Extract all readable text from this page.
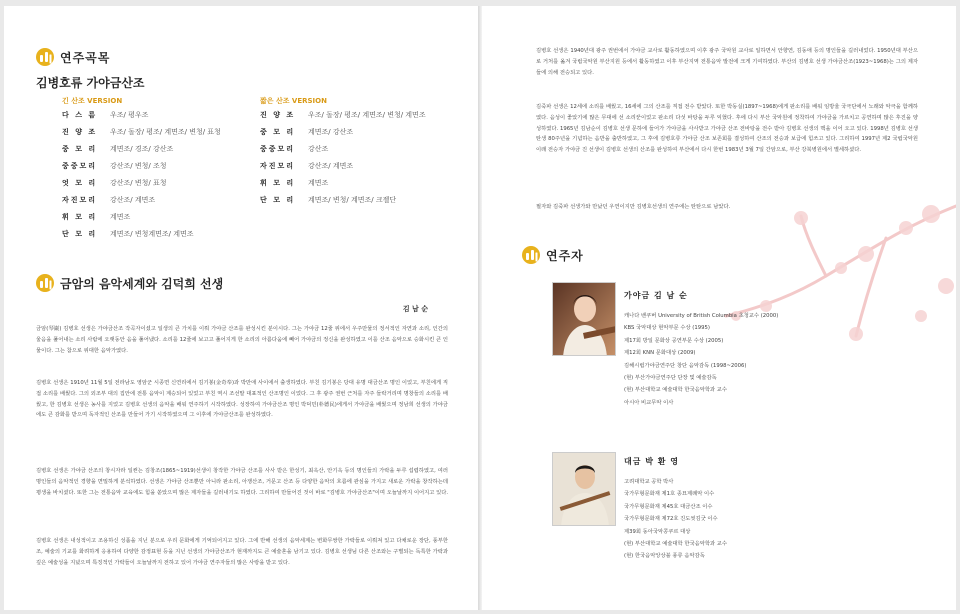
연주곡목
김병호류 가야금산조
긴 산조 VERSION
다 스 름	우조/ 평우조
진 양 조	우조/ 돌장/ 평조/ 계면조/ 변청/ 표청
중 모 리	계면조/ 경조/ 강산조
중중모리	강산조/ 변청/ 조청
엇 모 리	강산조/ 변청/ 표청
자진모리	강산조/ 계면조
휘 모 리	계면조
단 모 리	계면조/ 변청계면조/ 계면조
짧은 산조 VERSION
진 양 조	우조/ 돌장/ 평조/ 계면조/ 변청/ 계면조
중 모 리	계면조/ 강산조
중중모리	강산조
자진모리	강산조/ 계면조
휘 모 리	계면조
단 모 리	계면조/ 변청/ 계면조/ 크젤단
금암의 음악세계와 김덕희 선생
김 남 순
금암(琴巖) 김병호 선생은 가야금산조 작곡자이셨고 일생의 큰 가치를 이뤄 가야금 산조를 완성시킨 분이시다. 그는 가야금 12줄 위에서 우주만물의 정서적인 자연과 소리, 인간의 울음을 풀어내는 소리 사람에 오랫동안 음을 풀어냈다. 소리를 12줄에 보고고 풀어지게 한 소리의 아름다움에 빼어 가야금의 정신을 완성하였고 이를 산조 음악으로 승화시킨 큰 인물이다. 그는 참으로 위대한 음악가였다.
김병호 선생은 1910년 11월 5일 전라남도 영암군 시종면 신연리에서 김기봉(金奇奉)과 박만애 사이에서 출생하였다. 부친 김기봉은 당대 유명 대금산조 명인 이었고, 부친에게 직접 소리를 배웠다. 그의 외조부 대의 집안에 전통 음악이 계승되어 있었고 부친 역시 조선말 대표적인 산조명인 이었다. 그 후 광주 권번 근처를 자주 들락거리며 명창들의 소리를 배웠고, 한 김병호 선생은 농사를 지었고 김병호 선생의 음악을 배워 연주하기 시작하였다. 성장하여 가야금산조 명인 박덕민(朴德民)에게서 가야금을 배웠으며 정남희 선생의 가야금에도 큰 감화를 받으며 독자적인 산조를 만들어 가기 시작하였으며 그 이후에 가야금산조를 완성하였다.
김병호 선생은 가야금 산조의 창시자라 일컫는 김창조(1865~1919)선생이 창작한 가야금 산조를 사사 받은 한성기, 최옥산, 안기옥 등의 명인들의 가락을 두루 섭렵하였고, 여러 명인들의 음악적인 경향을 면밀하게 분석하였다. 선생은 가야금 산조뿐만 아니라 판소리, 아쟁산조, 거문고 산조 등 다양한 음악의 흐름에 관심을 가지고 새로운 가락을 창작하는데 평생을 바치셨다. 또한 그는 전통음악 교육에도 힘을 쏟았으며 많은 제자들을 길러내기도 하였다. 그리하여 만들어진 것이 바로 "김병호 가야금산조"이며 오늘날까지 이어지고 있다.
김병호 선생은 내성적이고 조용하신 성품을 지닌 분으로 우리 문화에게 기억되어지고 있다. 그에 반해 선생의 음악세계는 변화무쌍한 가락들로 이뤄져 있고 다채로운 장단, 풍부한 조, 예술의 기교를 화려하게 응용하여 다양한 감정표현 등을 지닌 선생의 가야금산조가 현재까지도 큰 예술혼을 남기고 있다. 김병호 선생님 다른 산조와는 구별되는 독특한 가락과 깊은 예술성을 지녔으며 특징적인 가락들이 오늘날까지 전하고 있어 가야금 연주자들의 많은 사랑을 받고 있다.
김병호 선생은 1940년대 광주 권번에서 가야금 교사로 활동하였으며 이후 광주 국악원 교사로 일하면서 안향연, 김동애 등의 명인들을 길러내었다. 1950년대 부산으로 거처를 옮겨 국립국악원 부산지원 등에서 활동하였고 이후 부산지역 전통음악 발전에 크게 기여하였다. 부산의 김병호 선생 가야금산조(1923~1968)는 그의 제자들에 의해 전승되고 있다.
김죽파 선생은 12세에 소리를 배웠고, 16세에 그의 산조를 직접 전수 받았다. 또한 박동실(1897~1968)에게 판소리를 배워 임방울 국극단에서 노래와 악극을 함께하였다. 음성이 좋았기에 많은 무대에 선 소리꾼이었고 판소리 다섯 바탕을 두루 익혔다. 후에 다시 부산 국악원에 정착하여 가야금을 가르치고 공연하며 많은 후진을 양성하였다. 1965년 김남순이 김병호 선생 문하에 들어가 가야금을 사사받고 가야금 산조 전바탕을 전수 받아 김병호 선생의 맥을 이어 오고 있다. 1998년 김병호 선생 탄생 80주년을 기념하는 음반을 출반하였고, 그 후에 김병호류 가야금 산조 보존회를 결성하여 산조의 전승과 보급에 힘쓰고 있다. 그리하여 1997년 제2 국립국악원 이래 전승자 가야금 진 선생이 김병호 선생의 산조를 완성하여 부산에서 다시 한번 1983년 3월 7일 간암으로, 부산 강북병원에서 별세하셨다.
필자와 김죽파 선생가와 만났던 우연이지만 김병호선생의 연주에는 탄탄으로 남았다.
연주자
가야금 김 남 순
캐나다 밴쿠버 University of British Columbia 초청교수 (2000)
KBS 국악대상 현악부문 수상 (1995)
제17회 방일 문화상 공연부문 수상 (2005)
제12회 KNN 문화대상 (2009)
김해시립가야금연주단 창단 음악감독 (1998~2006)
(현) 부산가야금연주단 단장 및 예술감독
(현) 부산대학교 예술대학 한국음악학과 교수
아시아 비교무악 이사
대금 박 환 영
고려대학교 공학 박사
국가무형문화재 제1호 종묘제례악 이수
국가무형문화재 제45호 대금산조 이수
국가무형문화재 제72호 진도씻김굿 이수
제39회 동아국악콩쿠르 대상
(현) 부산대학교 예술대학 한국음악학과 교수
(현) 한국음악앙상블 풍류 음악감독
